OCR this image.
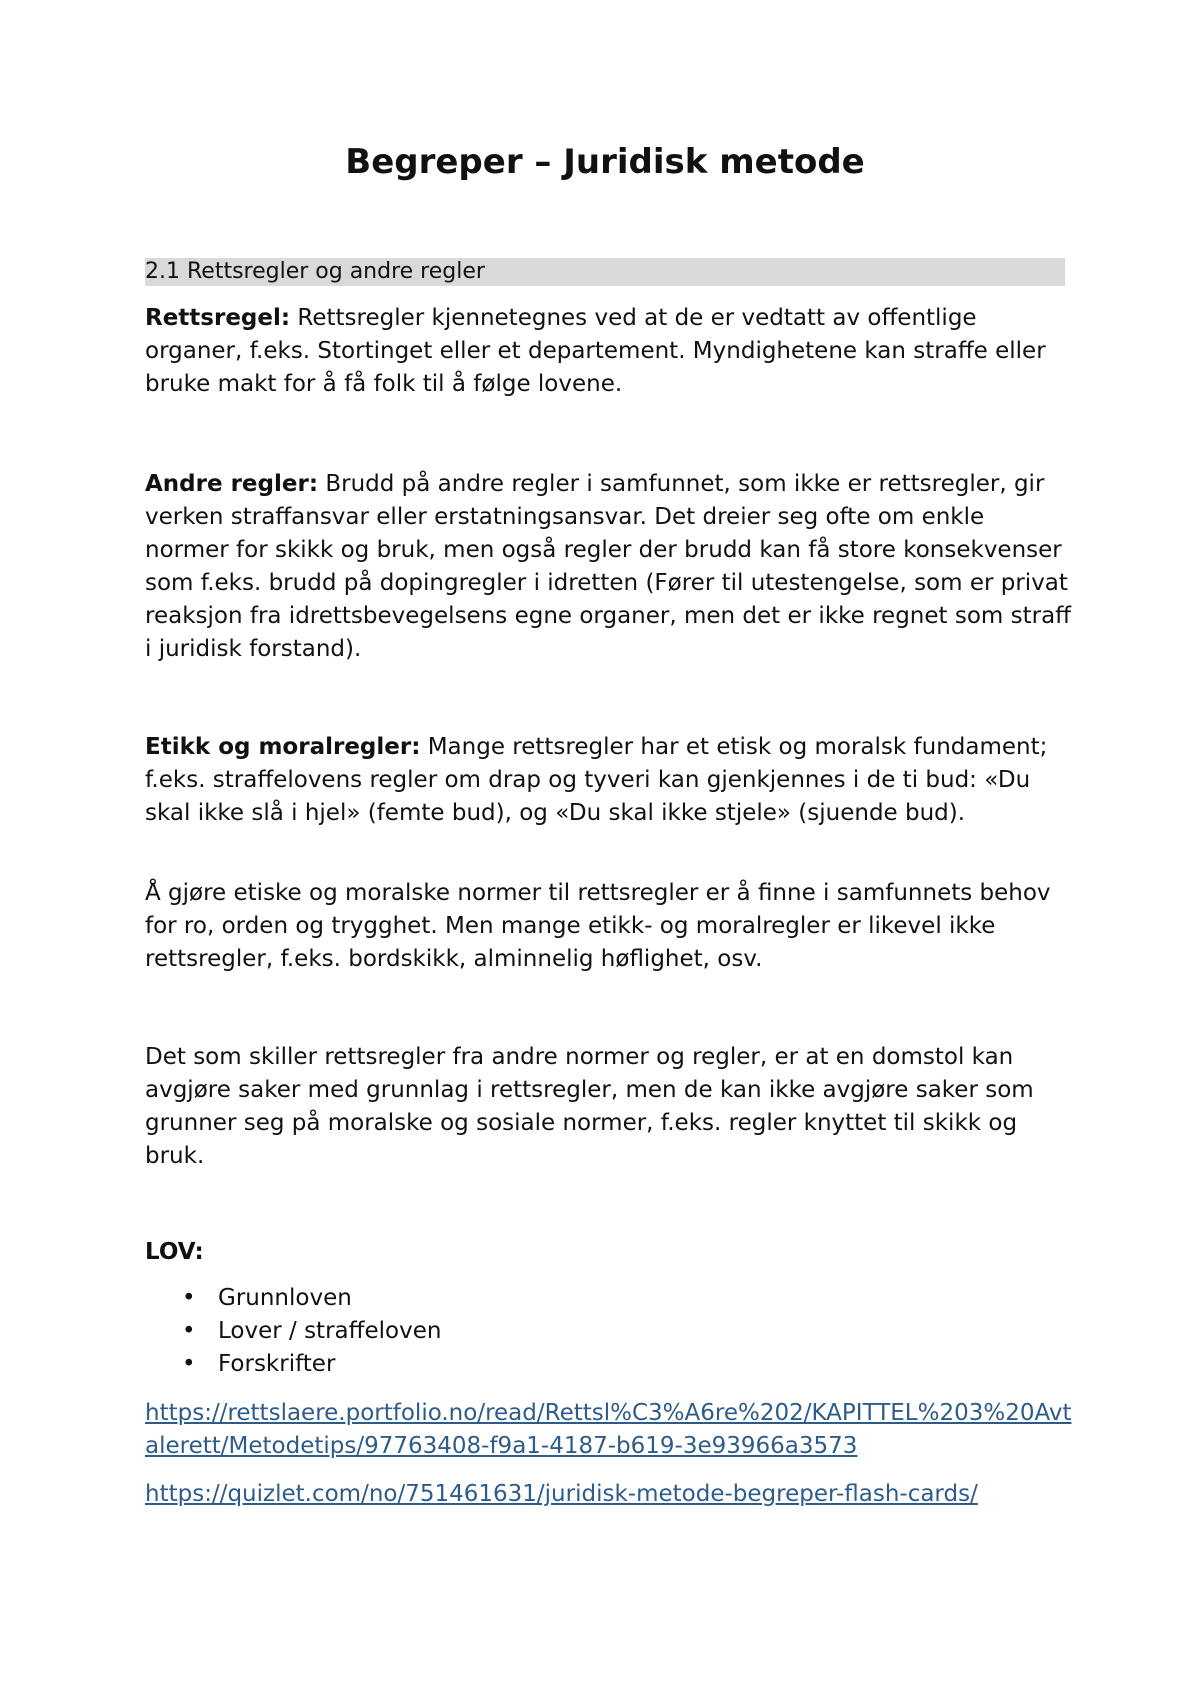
Begreper – Juridisk metode
2.1 Rettsregler og andre regler

Rettsregel: Rettsregler kjennetegnes ved at de er vedtatt av offentlige organer, f.eks. Stortinget eller et departement. Myndighetene kan straffe eller bruke makt for å få folk til å følge lovene.

Andre regler: Brudd på andre regler i samfunnet, som ikke er rettsregler, gir verken straffansvar eller erstatningsansvar. Det dreier seg ofte om enkle normer for skikk og bruk, men også regler der brudd kan få store konsekvenser som f.eks. brudd på dopingregler i idretten (Fører til utestengelse, som er privat reaksjon fra idrettsbevegelsens egne organer, men det er ikke regnet som straff i juridisk forstand).

Etikk og moralregler: Mange rettsregler har et etisk og moralsk fundament; f.eks. straffelovens regler om drap og tyveri kan gjenkjennes i de ti bud: «Du skal ikke slå i hjel» (femte bud), og «Du skal ikke stjele» (sjuende bud).

Å gjøre etiske og moralske normer til rettsregler er å finne i samfunnets behov for ro, orden og trygghet. Men mange etikk- og moralregler er likevel ikke rettsregler, f.eks. bordskikk, alminnelig høflighet, osv.

Det som skiller rettsregler fra andre normer og regler, er at en domstol kan avgjøre saker med grunnlag i rettsregler, men de kan ikke avgjøre saker som grunner seg på moralske og sosiale normer, f.eks. regler knyttet til skikk og bruk.

LOV:

• Grunnloven
• Lover / straffeloven
• Forskrifter
https://rettslaere.portfolio.no/read/Rettsl%C3%A6re%202/KAPITTEL%203%20Avtalerett/Metodetips/97763408-f9a1-4187-b619-3e93966a3573
https://quizlet.com/no/751461631/juridisk-metode-begreper-flash-cards/
